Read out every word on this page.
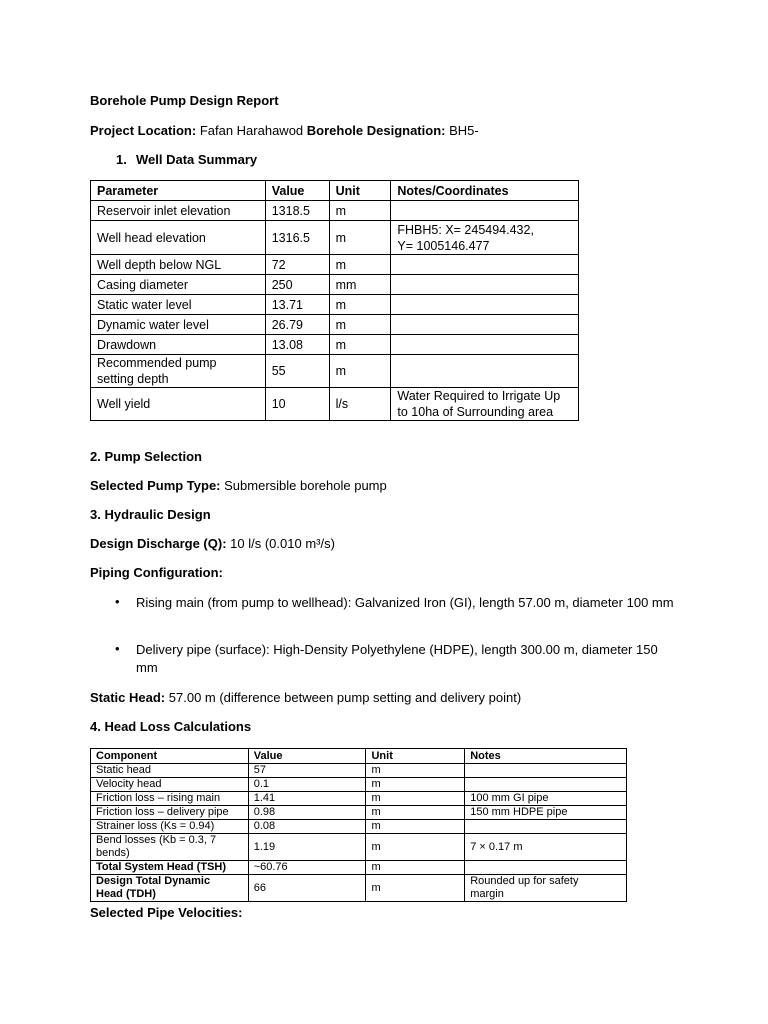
Borehole Pump Design Report
Project Location: Fafan Harahawod Borehole Designation: BH5-
1. Well Data Summary
Parameter	Value	Unit	Notes/Coordinates
Reservoir inlet elevation	1318.5	m	
Well head elevation	1316.5	m	FHBH5: X= 245494.432,
Y= 1005146.477
Well depth below NGL	72	m	
Casing diameter	250	mm	
Static water level	13.71	m	
Dynamic water level	26.79	m	
Drawdown	13.08	m	
Recommended pump setting depth	55	m	
Well yield	10	l/s	Water Required to Irrigate Up to 10ha of Surrounding area
2. Pump Selection
Selected Pump Type: Submersible borehole pump
3. Hydraulic Design
Design Discharge (Q): 10 l/s (0.010 m³/s)
Piping Configuration:
• Rising main (from pump to wellhead): Galvanized Iron (GI), length 57.00 m, diameter 100 mm
• Delivery pipe (surface): High-Density Polyethylene (HDPE), length 300.00 m, diameter 150 mm
Static Head: 57.00 m (difference between pump setting and delivery point)
4. Head Loss Calculations
Component	Value	Unit	Notes
Static head	57	m	
Velocity head	0.1	m	
Friction loss – rising main	1.41	m	100 mm GI pipe
Friction loss – delivery pipe	0.98	m	150 mm HDPE pipe
Strainer loss (Ks = 0.94)	0.08	m	
Bend losses (Kb = 0.3, 7 bends)	1.19	m	7 × 0.17 m
Total System Head (TSH)	~60.76	m	
Design Total Dynamic Head (TDH)	66	m	Rounded up for safety margin
Selected Pipe Velocities:
